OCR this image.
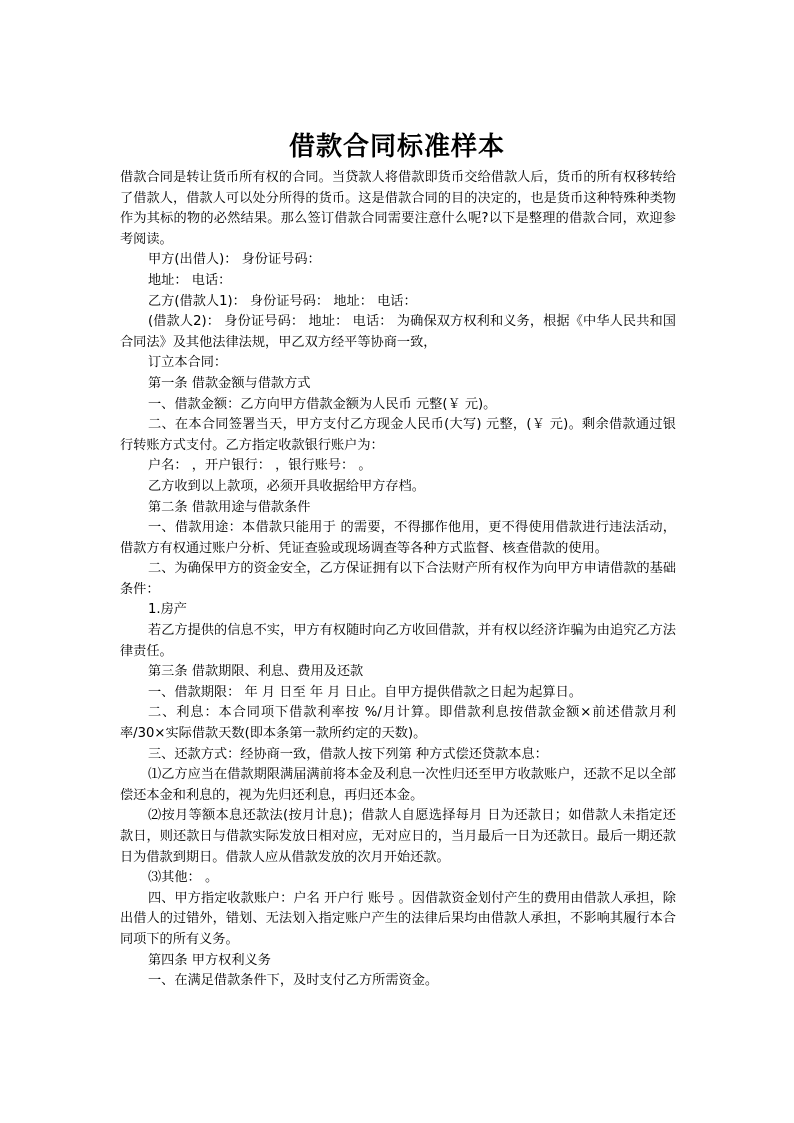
借款合同标准样本

借款合同是转让货币所有权的合同。当贷款人将借款即货币交给借款人后，货币的所有权移转给了借款人，借款人可以处分所得的货币。这是借款合同的目的决定的，也是货币这种特殊种类物作为其标的物的必然结果。那么签订借款合同需要注意什么呢?以下是整理的借款合同，欢迎参考阅读。

甲方(出借人)： 身份证号码：

地址： 电话：

乙方(借款人1)： 身份证号码： 地址： 电话：

(借款人2)： 身份证号码： 地址： 电话： 为确保双方权利和义务，根据《中华人民共和国合同法》及其他法律法规，甲乙双方经平等协商一致，

订立本合同：

第一条 借款金额与借款方式

一、借款金额：乙方向甲方借款金额为人民币 元整(￥ 元)。

二、在本合同签署当天，甲方支付乙方现金人民币(大写) 元整，(￥ 元)。剩余借款通过银行转账方式支付。乙方指定收款银行账户为：

户名： ，开户银行： ，银行账号： 。

乙方收到以上款项，必须开具收据给甲方存档。

第二条 借款用途与借款条件

一、借款用途：本借款只能用于 的需要，不得挪作他用，更不得使用借款进行违法活动，借款方有权通过账户分析、凭证查验或现场调查等各种方式监督、核查借款的使用。

二、为确保甲方的资金安全，乙方保证拥有以下合法财产所有权作为向甲方申请借款的基础条件：

1.房产

若乙方提供的信息不实，甲方有权随时向乙方收回借款，并有权以经济诈骗为由追究乙方法律责任。

第三条 借款期限、利息、费用及还款

一、借款期限： 年 月 日至 年 月 日止。自甲方提供借款之日起为起算日。

二、利息：本合同项下借款利率按 %/月计算。即借款利息按借款金额×前述借款月利率/30×实际借款天数(即本条第一款所约定的天数)。

三、还款方式：经协商一致，借款人按下列第 种方式偿还贷款本息：

⑴乙方应当在借款期限满届满前将本金及利息一次性归还至甲方收款账户，还款不足以全部偿还本金和利息的，视为先归还利息，再归还本金。

⑵按月等额本息还款法(按月计息)；借款人自愿选择每月 日为还款日；如借款人未指定还款日，则还款日与借款实际发放日相对应，无对应日的，当月最后一日为还款日。最后一期还款日为借款到期日。借款人应从借款发放的次月开始还款。

⑶其他： 。

四、甲方指定收款账户：户名 开户行 账号 。因借款资金划付产生的费用由借款人承担，除出借人的过错外，错划、无法划入指定账户产生的法律后果均由借款人承担，不影响其履行本合同项下的所有义务。

第四条 甲方权利义务

一、在满足借款条件下，及时支付乙方所需资金。
